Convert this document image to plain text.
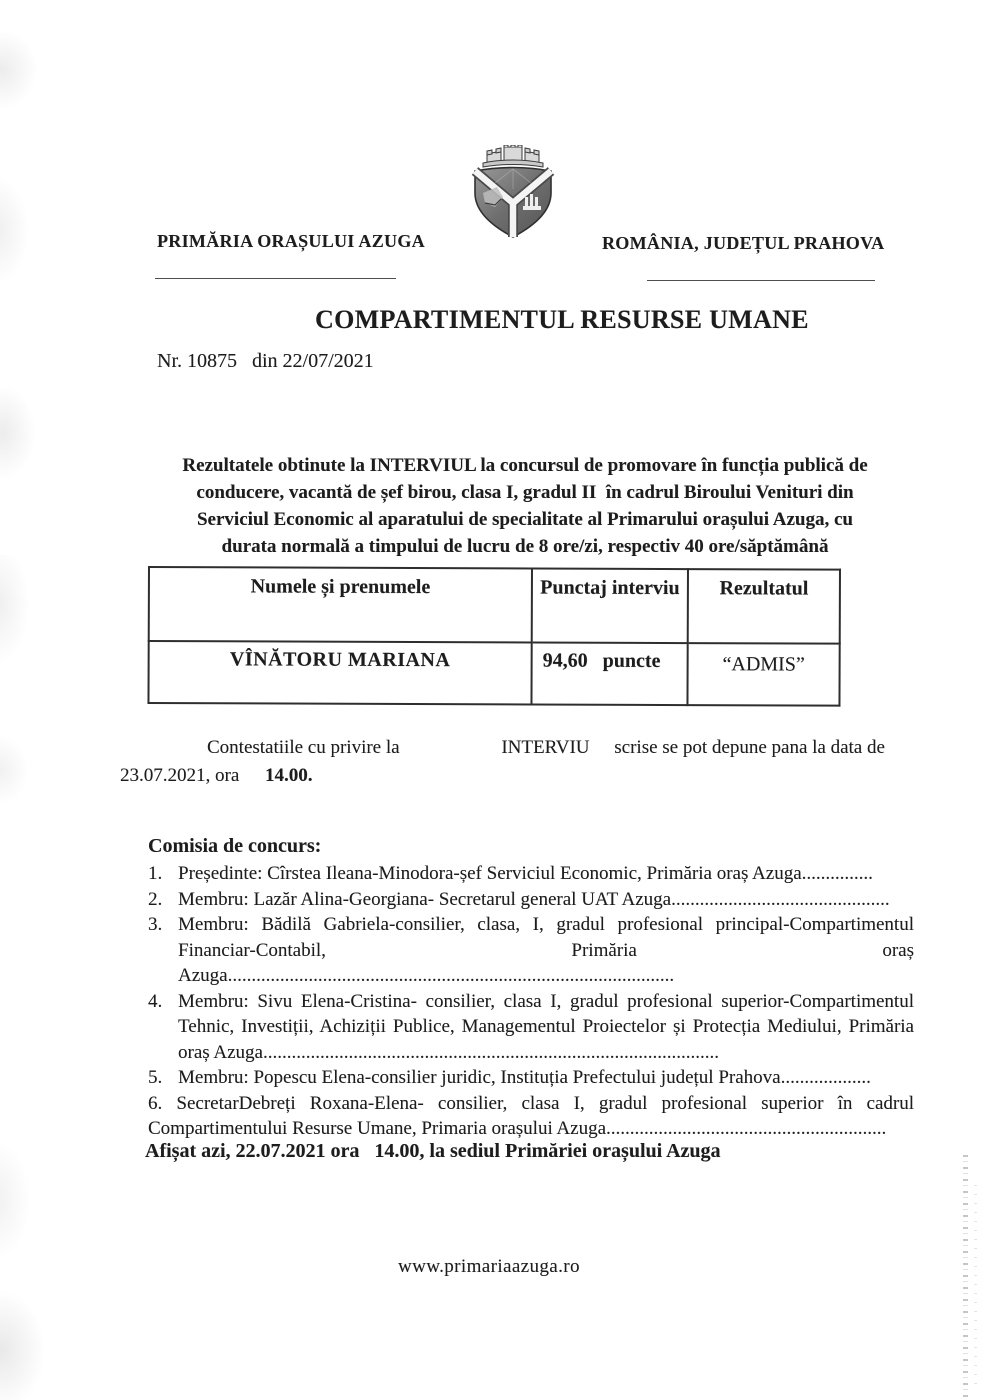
PRIMĂRIA ORAȘULUI AZUGA	ROMÂNIA, JUDEȚUL PRAHOVA
COMPARTIMENTUL RESURSE UMANE
Nr. 10875   din 22/07/2021
Rezultatele obtinute la INTERVIUL la concursul de promovare în funcția publică de
conducere, vacantă de șef birou, clasa I, gradul II  în cadrul Biroului Venituri din
Serviciul Economic al aparatului de specialitate al Primarului orașului Azuga, cu
durata normală a timpului de lucru de 8 ore/zi, respectiv 40 ore/săptămână
Numele și prenumele	Punctaj interviu	Rezultatul
VÎNĂTORU MARIANA	94,60   puncte	“ADMIS”
Contestatiile cu privire la	INTERVIU scrise se pot depune pana la data de
23.07.2021, ora 14.00.
Comisia de concurs:
1. Președinte: Cîrstea Ileana-Minodora-șef Serviciul Economic, Primăria oraș Azuga...............
2. Membru: Lazăr Alina-Georgiana- Secretarul general UAT Azuga..............................................
3. Membru: Bădilă Gabriela-consilier, clasa, I, gradul profesional principal-Compartimentul Financiar-Contabil, Primăria oraș Azuga..............................................................................................
4. Membru: Sivu Elena-Cristina- consilier, clasa I, gradul profesional superior-Compartimentul Tehnic, Investiții, Achiziții Publice, Managementul Proiectelor și Protecția Mediului, Primăria oraș Azuga................................................................................................
5. Membru: Popescu Elena-consilier juridic, Instituția Prefectului județul Prahova...................
6. SecretarDebreți Roxana-Elena- consilier, clasa I, gradul profesional superior în cadrul Compartimentului Resurse Umane, Primaria orașului Azuga...........................................................
Afișat azi, 22.07.2021 ora   14.00, la sediul Primăriei orașului Azuga
www.primariaazuga.ro
